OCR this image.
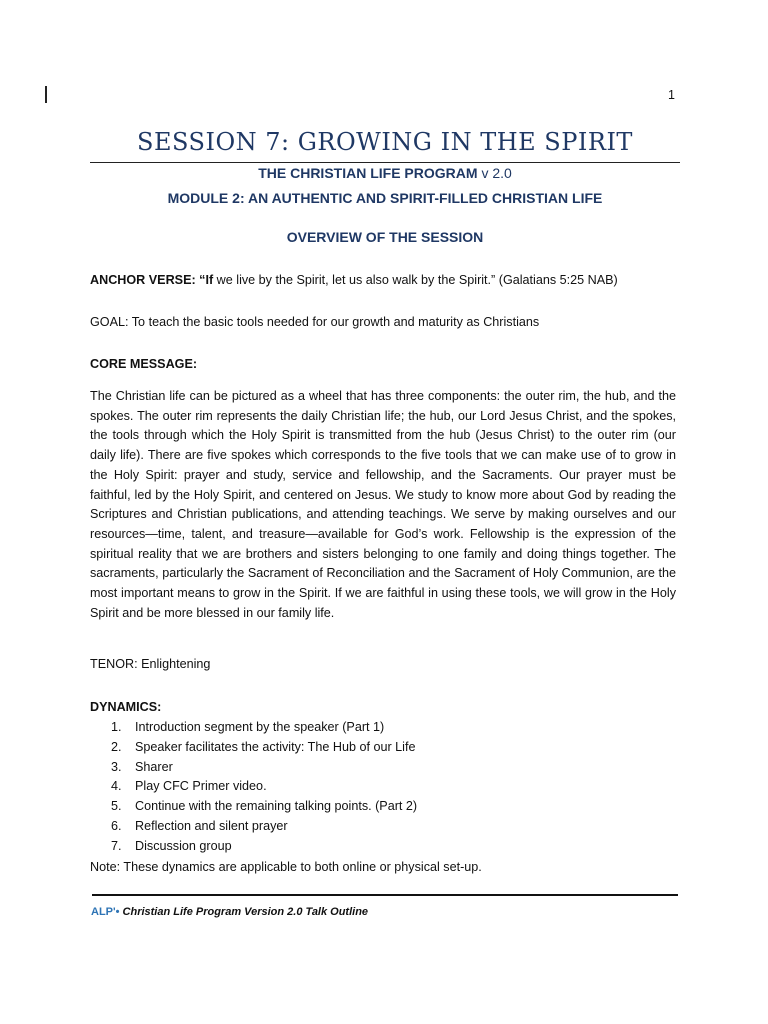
1
SESSION 7: GROWING IN THE SPIRIT
THE CHRISTIAN LIFE PROGRAM v 2.0
MODULE 2: AN AUTHENTIC AND SPIRIT-FILLED CHRISTIAN LIFE
OVERVIEW OF THE SESSION
ANCHOR VERSE: “If we live by the Spirit, let us also walk by the Spirit.” (Galatians 5:25 NAB)
GOAL: To teach the basic tools needed for our growth and maturity as Christians
CORE MESSAGE:
The Christian life can be pictured as a wheel that has three components: the outer rim, the hub, and the spokes. The outer rim represents the daily Christian life; the hub, our Lord Jesus Christ, and the spokes, the tools through which the Holy Spirit is transmitted from the hub (Jesus Christ) to the outer rim (our daily life). There are five spokes which corresponds to the five tools that we can make use of to grow in the Holy Spirit: prayer and study, service and fellowship, and the Sacraments. Our prayer must be faithful, led by the Holy Spirit, and centered on Jesus. We study to know more about God by reading the Scriptures and Christian publications, and attending teachings. We serve by making ourselves and our resources—time, talent, and treasure—available for God’s work. Fellowship is the expression of the spiritual reality that we are brothers and sisters belonging to one family and doing things together. The sacraments, particularly the Sacrament of Reconciliation and the Sacrament of Holy Communion, are the most important means to grow in the Spirit. If we are faithful in using these tools, we will grow in the Holy Spirit and be more blessed in our family life.
TENOR: Enlightening
DYNAMICS:
1. Introduction segment by the speaker (Part 1)
2. Speaker facilitates the activity: The Hub of our Life
3. Sharer
4. Play CFC Primer video.
5. Continue with the remaining talking points. (Part 2)
6. Reflection and silent prayer
7. Discussion group
Note: These dynamics are applicable to both online or physical set-up.
ALP'• Christian Life Program Version 2.0 Talk Outline
